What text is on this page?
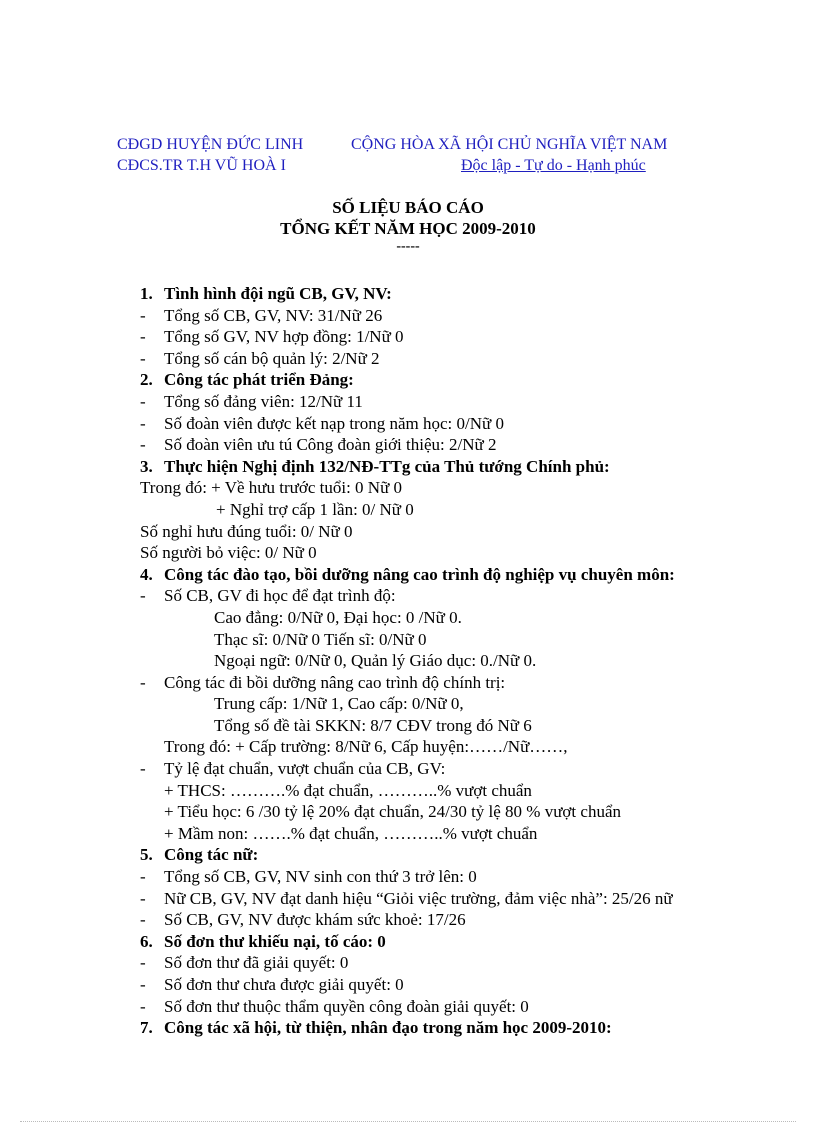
CĐGD HUYỆN ĐỨC LINH
CĐCS.TR T.H VŨ HOÀ I
CỘNG HÒA XÃ HỘI CHỦ NGHĨA VIỆT NAM
Độc lập - Tự do - Hạnh phúc
SỐ LIỆU BÁO CÁO
TỔNG KẾT NĂM HỌC 2009-2010
-----
1. Tình hình đội ngũ CB, GV, NV:
- Tổng số CB, GV, NV: 31/Nữ 26
- Tổng số GV, NV hợp đồng: 1/Nữ 0
- Tổng số cán bộ quản lý: 2/Nữ 2
2. Công tác phát triển Đảng:
- Tổng số đảng viên: 12/Nữ 11
- Số đoàn viên được kết nạp trong năm học: 0/Nữ 0
- Số đoàn viên ưu tú Công đoàn giới thiệu: 2/Nữ 2
3. Thực hiện Nghị định 132/NĐ-TTg của Thủ tướng Chính phủ:
Trong đó: + Về hưu trước tuổi: 0 Nữ 0
+ Nghỉ trợ cấp 1 lần: 0/ Nữ 0
Số nghỉ hưu đúng tuổi: 0/ Nữ 0
Số người bỏ việc: 0/ Nữ 0
4. Công tác đào tạo, bồi dưỡng nâng cao trình độ nghiệp vụ chuyên môn:
- Số CB, GV đi học để đạt trình độ:
Cao đẳng: 0/Nữ 0, Đại học: 0 /Nữ 0.
Thạc sĩ: 0/Nữ 0 Tiến sĩ: 0/Nữ 0
Ngoại ngữ: 0/Nữ 0, Quản lý Giáo dục: 0./Nữ 0.
- Công tác đi bồi dưỡng nâng cao trình độ chính trị:
Trung cấp: 1/Nữ 1, Cao cấp: 0/Nữ 0,
Tổng số đề tài SKKN: 8/7 CĐV trong đó Nữ 6
Trong đó: + Cấp trường: 8/Nữ 6, Cấp huyện:……/Nữ……,
- Tỷ lệ đạt chuẩn, vượt chuẩn của CB, GV:
+ THCS: ……….% đạt chuẩn, ………..% vượt chuẩn
+ Tiểu học: 6 /30 tỷ lệ 20% đạt chuẩn, 24/30 tỷ lệ 80 % vượt chuẩn
+ Mầm non: …….% đạt chuẩn, ………..% vượt chuẩn
5. Công tác nữ:
- Tổng số CB, GV, NV sinh con thứ 3 trở lên: 0
- Nữ CB, GV, NV đạt danh hiệu “Giỏi việc trường, đảm việc nhà”: 25/26 nữ
- Số CB, GV, NV được khám sức khoẻ: 17/26
6. Số đơn thư khiếu nại, tố cáo: 0
- Số đơn thư đã giải quyết: 0
- Số đơn thư chưa được giải quyết: 0
- Số đơn thư thuộc thẩm quyền công đoàn giải quyết: 0
7. Công tác xã hội, từ thiện, nhân đạo trong năm học 2009-2010:
